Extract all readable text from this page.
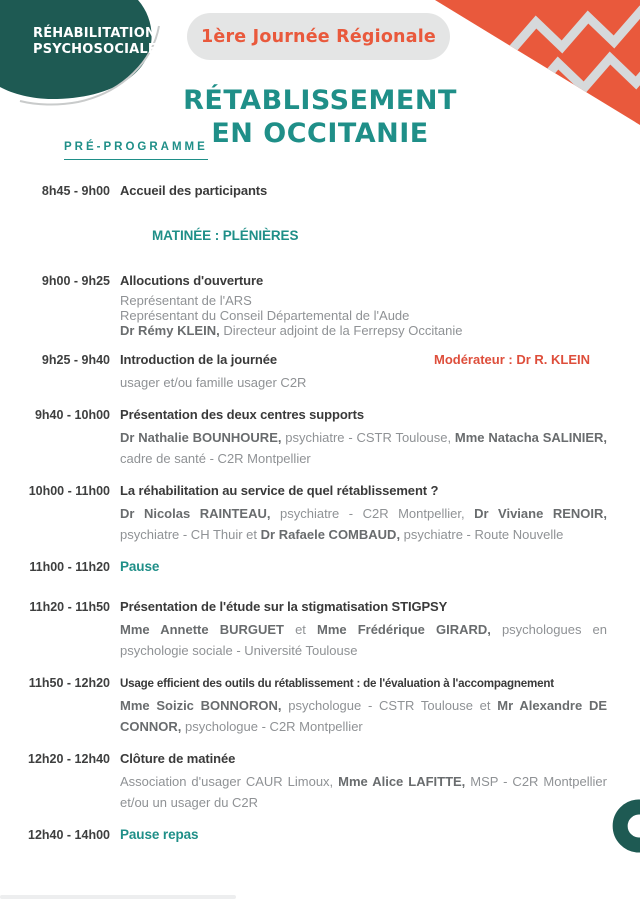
RÉHABILITATION
PSYCHOSOCIALE
1ère Journée Régionale
RÉTABLISSEMENT
EN OCCITANIE
PRÉ-PROGRAMME
8h45 - 9h00 Accueil des participants
MATINÉE : PLÉNIÈRES
9h00 - 9h25 Allocutions d'ouverture
Représentant de l'ARS
Représentant du Conseil Départemental de l'Aude
Dr Rémy KLEIN, Directeur adjoint de la Ferrepsy Occitanie
9h25 - 9h40 Introduction de la journée	Modérateur : Dr R. KLEIN
usager et/ou famille usager C2R
9h40 - 10h00 Présentation des deux centres supports
Dr Nathalie BOUNHOURE, psychiatre - CSTR Toulouse, Mme Natacha SALINIER, cadre de santé - C2R Montpellier
10h00 - 11h00 La réhabilitation au service de quel rétablissement ?
Dr Nicolas RAINTEAU, psychiatre - C2R Montpellier, Dr Viviane RENOIR, psychiatre - CH Thuir et Dr Rafaele COMBAUD, psychiatre - Route Nouvelle
11h00 - 11h20 Pause
11h20 - 11h50 Présentation de l'étude sur la stigmatisation STIGPSY
Mme Annette BURGUET et Mme Frédérique GIRARD, psychologues en psychologie sociale - Université Toulouse
11h50 - 12h20 Usage efficient des outils du rétablissement : de l'évaluation à l'accompagnement
Mme Soizic BONNORON, psychologue - CSTR Toulouse et Mr Alexandre DE CONNOR, psychologue - C2R Montpellier
12h20 - 12h40 Clôture de matinée
Association d'usager CAUR Limoux, Mme Alice LAFITTE, MSP - C2R Montpellier et/ou un usager du C2R
12h40 - 14h00 Pause repas
